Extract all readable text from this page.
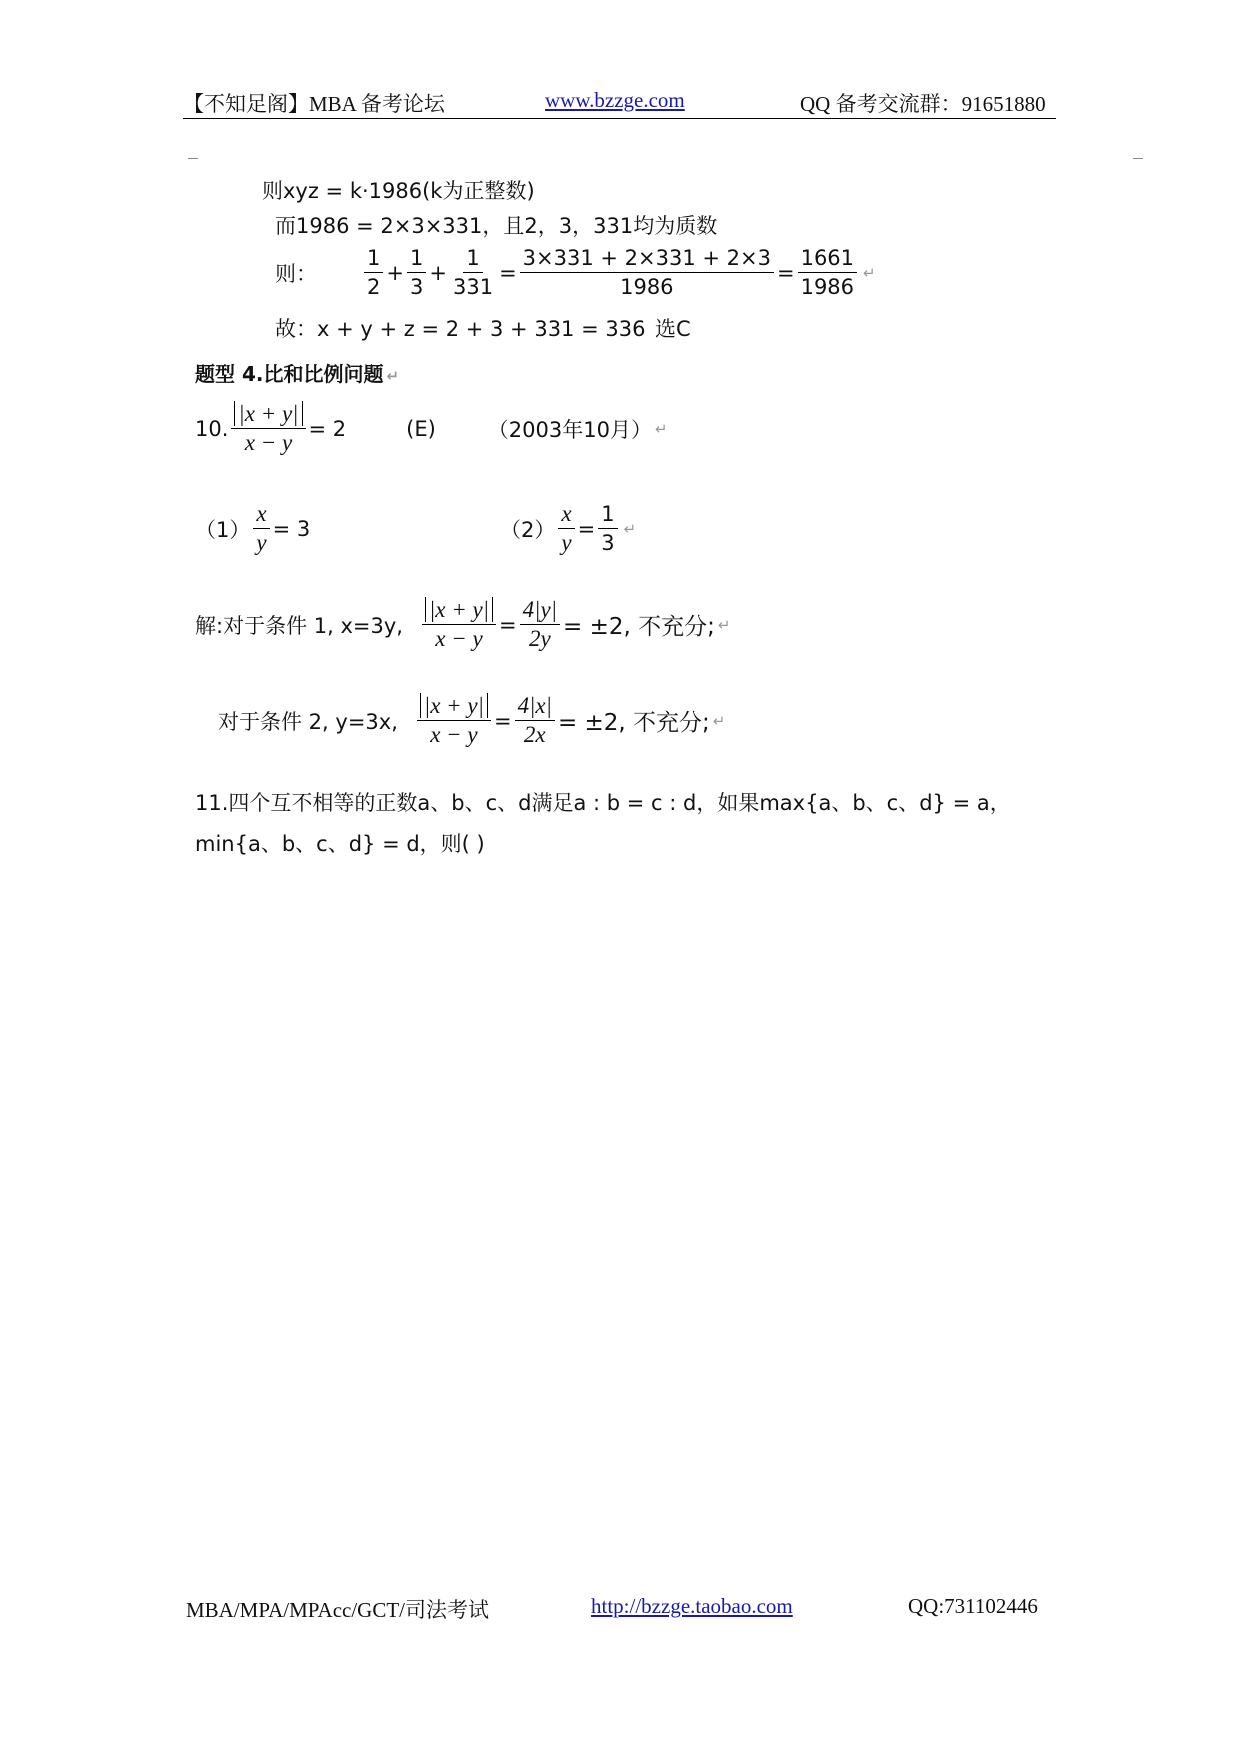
【不知足阁】MBA 备考论坛	www.bzzge.com	QQ 备考交流群：91651880
则xyz = k·1986(k为正整数)
而1986 = 2×3×331，且2，3，331均为质数
则： $\frac{1}{2} + \frac{1}{3} + \frac{1}{331} = \frac{3\times 331 + 2\times 331 + 2\times 3}{1986} = \frac{1661}{1986}$ ↵
故：x + y + z = 2 + 3 + 331 = 336 选C
题型 4.比和比例问题 ↵
10. $\frac{|x + y|}{x - y} = 2$	(E) （2003年10月） ↵
$(1) \frac{x}{y} = 3$	$(2) \frac{x}{y} = \frac{1}{3}$ ↵
解:对于条件 1, x=3y, $\frac{|x + y|}{x - y} = \frac{4|y|}{2y} = \pm 2$, 不充分; ↵
对于条件 2, y=3x, $\frac{|x + y|}{x - y} = \frac{4|x|}{2x} = \pm 2$, 不充分; ↵
11.四个互不相等的正数a、b、c、d满足a : b = c : d，如果max{a、b、c、d} = a，
min{a、b、c、d} = d，则( )
MBA/MPA/MPAcc/GCT/司法考试	http://bzzge.taobao.com	QQ:731102446
